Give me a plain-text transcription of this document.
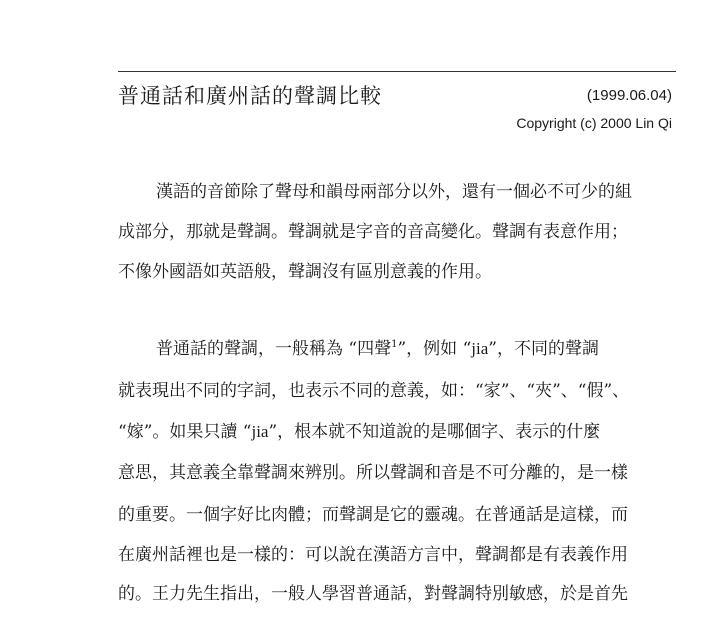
普通話和廣州話的聲調比較	(1999.06.04)
Copyright (c) 2000 Lin Qi
漢語的音節除了聲母和韻母兩部分以外，還有一個必不可少的組
成部分，那就是聲調。聲調就是字音的音高變化。聲調有表意作用；
不像外國語如英語般，聲調沒有區別意義的作用。
普通話的聲調，一般稱為 “四聲$^1$”，例如 “jia”，不同的聲調
就表現出不同的字詞，也表示不同的意義，如：“家”、“夾”、“假”、
“嫁”。如果只讀 “jia”，根本就不知道說的是哪個字、表示的什麼
意思，其意義全靠聲調來辨別。所以聲調和音是不可分離的，是一樣
的重要。一個字好比肉體；而聲調是它的靈魂。在普通話是這樣，而
在廣州話裡也是一樣的：可以說在漢語方言中，聲調都是有表義作用
的。王力先生指出，一般人學習普通話，對聲調特別敏感，於是首先
